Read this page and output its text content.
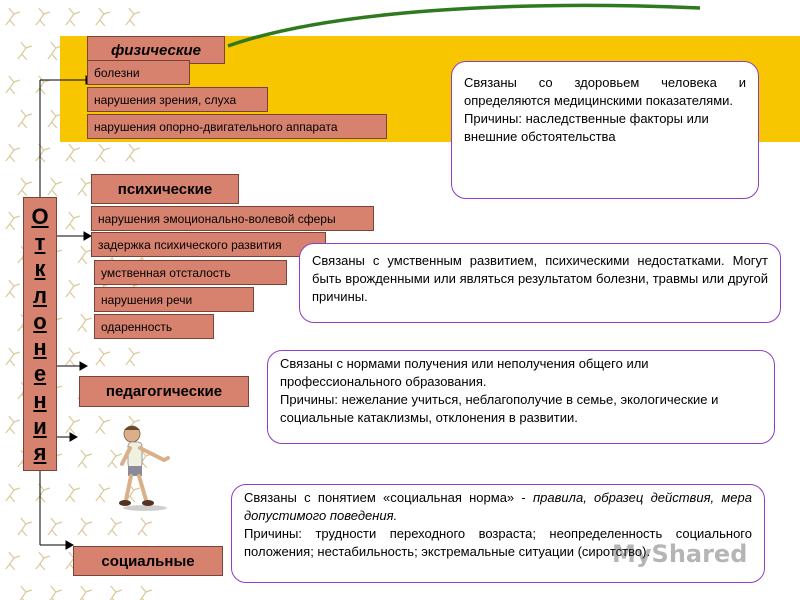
О
т
к
л
о
н
е
н
и
я
физические
болезни
нарушения зрения, слуха
нарушения опорно-двигательного аппарата

Связаны со здоровьем человека и определяются медицинскими показателями.

Причины: наследственные факторы или внешние обстоятельства

психические
нарушения эмоционально-волевой сферы
задержка психического развития
умственная отсталость
нарушения речи
одаренность

Связаны с умственным развитием, психическими недостатками. Могут быть врожденными или являться результатом болезни, травмы или другой причины.

педагогические

Связаны с нормами получения или неполучения общего или профессионального образования.

Причины: нежелание учиться, неблагополучие в семье, экологические и социальные катаклизмы, отклонения в развитии.

социальные

Связаны с понятием «социальная норма» - правила, образец действия, мера допустимого поведения.

Причины: трудности переходного возраста; неопределенность социального положения; нестабильность; экстремальные ситуации (сиротство).

MyShared
